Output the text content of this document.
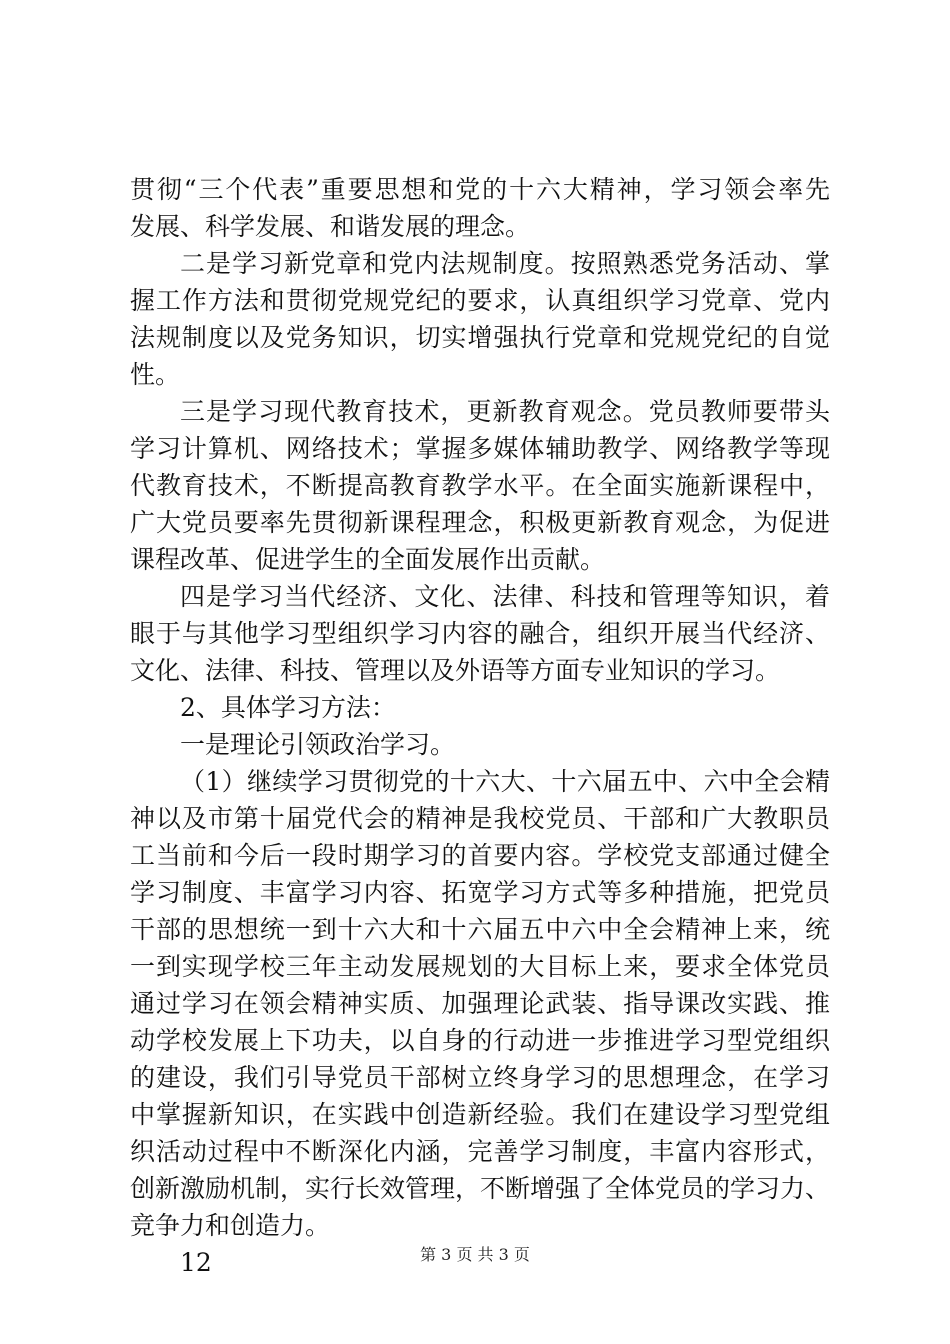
贯彻“三个代表”重要思想和党的十六大精神，学习领会率先
发展、科学发展、和谐发展的理念。
二是学习新党章和党内法规制度。按照熟悉党务活动、掌
握工作方法和贯彻党规党纪的要求，认真组织学习党章、党内
法规制度以及党务知识，切实增强执行党章和党规党纪的自觉
性。
三是学习现代教育技术，更新教育观念。党员教师要带头
学习计算机、网络技术；掌握多媒体辅助教学、网络教学等现
代教育技术，不断提高教育教学水平。在全面实施新课程中，
广大党员要率先贯彻新课程理念，积极更新教育观念，为促进
课程改革、促进学生的全面发展作出贡献。
四是学习当代经济、文化、法律、科技和管理等知识，着
眼于与其他学习型组织学习内容的融合，组织开展当代经济、
文化、法律、科技、管理以及外语等方面专业知识的学习。
2、具体学习方法：
一是理论引领政治学习。
（1）继续学习贯彻党的十六大、十六届五中、六中全会精
神以及市第十届党代会的精神是我校党员、干部和广大教职员
工当前和今后一段时期学习的首要内容。学校党支部通过健全
学习制度、丰富学习内容、拓宽学习方式等多种措施，把党员
干部的思想统一到十六大和十六届五中六中全会精神上来，统
一到实现学校三年主动发展规划的大目标上来，要求全体党员
通过学习在领会精神实质、加强理论武装、指导课改实践、推
动学校发展上下功夫，以自身的行动进一步推进学习型党组织
的建设，我们引导党员干部树立终身学习的思想理念，在学习
中掌握新知识，在实践中创造新经验。我们在建设学习型党组
织活动过程中不断深化内涵，完善学习制度，丰富内容形式，
创新激励机制，实行长效管理，不断增强了全体党员的学习力、
竞争力和创造力。
12	第 3 页 共 3 页
